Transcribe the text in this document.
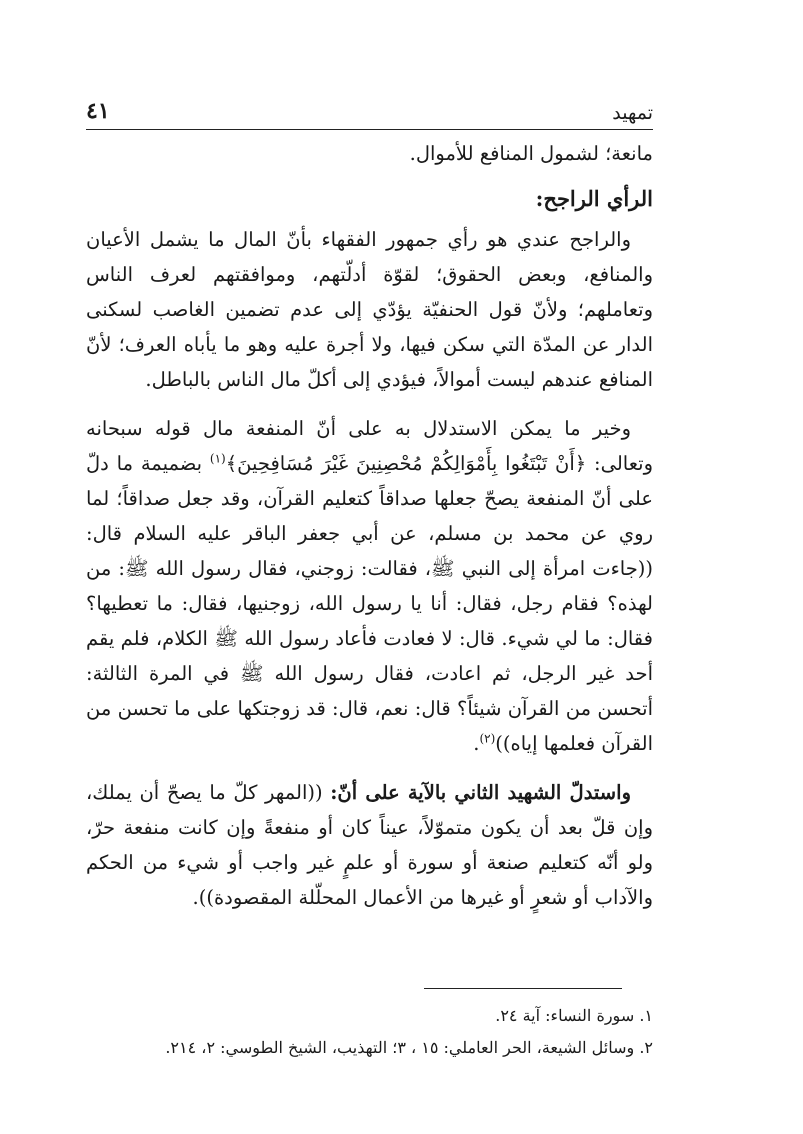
تمهيد
٤١

مانعة؛ لشمول المنافع للأموال.

الرأي الراجح:

والراجح عندي هو رأي جمهور الفقهاء بأنّ المال ما يشمل الأعيان والمنافع، وبعض الحقوق؛ لقوّة أدلّتهم، وموافقتهم لعرف الناس وتعاملهم؛ ولأنّ قول الحنفيّة يؤدّي إلى عدم تضمين الغاصب لسكنى الدار عن المدّة التي سكن فيها، ولا أجرة عليه وهو ما يأباه العرف؛ لأنّ المنافع عندهم ليست أموالاً، فيؤدي إلى أكلّ مال الناس بالباطل.

وخير ما يمكن الاستدلال به على أنّ المنفعة مال قوله سبحانه وتعالى: ﴿أَنْ تَبْتَغُوا بِأَمْوَالِكُمْ مُحْصِنِينَ غَيْرَ مُسَافِحِينَ﴾$^{(١)}$ بضميمة ما دلّ على أنّ المنفعة يصحّ جعلها صداقاً كتعليم القرآن، وقد جعل صداقاً؛ لما روي عن محمد بن مسلم، عن أبي جعفر الباقر عليه السلام قال: ((جاءت امرأة إلى النبي ﷺ، فقالت: زوجني، فقال رسول الله ﷺ: من لهذه؟ فقام رجل، فقال: أنا يا رسول الله، زوجنيها، فقال: ما تعطيها؟ فقال: ما لي شيء. قال: لا فعادت فأعاد رسول الله ﷺ الكلام، فلم يقم أحد غير الرجل، ثم اعادت، فقال رسول الله ﷺ في المرة الثالثة: أتحسن من القرآن شيئاً؟ قال: نعم، قال: قد زوجتكها على ما تحسن من القرآن فعلمها إياه))$^{(٢)}$.

واستدلّ الشهيد الثاني بالآية على أنّ: ((المهر كلّ ما يصحّ أن يملك، وإن قلّ بعد أن يكون متموّلاً، عيناً كان أو منفعةً وإن كانت منفعة حرّ، ولو أنّه كتعليم صنعة أو سورة أو علمٍ غير واجب أو شيء من الحكم والآداب أو شعرٍ أو غيرها من الأعمال المحلّلة المقصودة)).

١. سورة النساء: آية ٢٤.

٢. وسائل الشيعة، الحر العاملي: ١٥ ، ٣؛ التهذيب، الشيخ الطوسي: ٢، ٢١٤.
